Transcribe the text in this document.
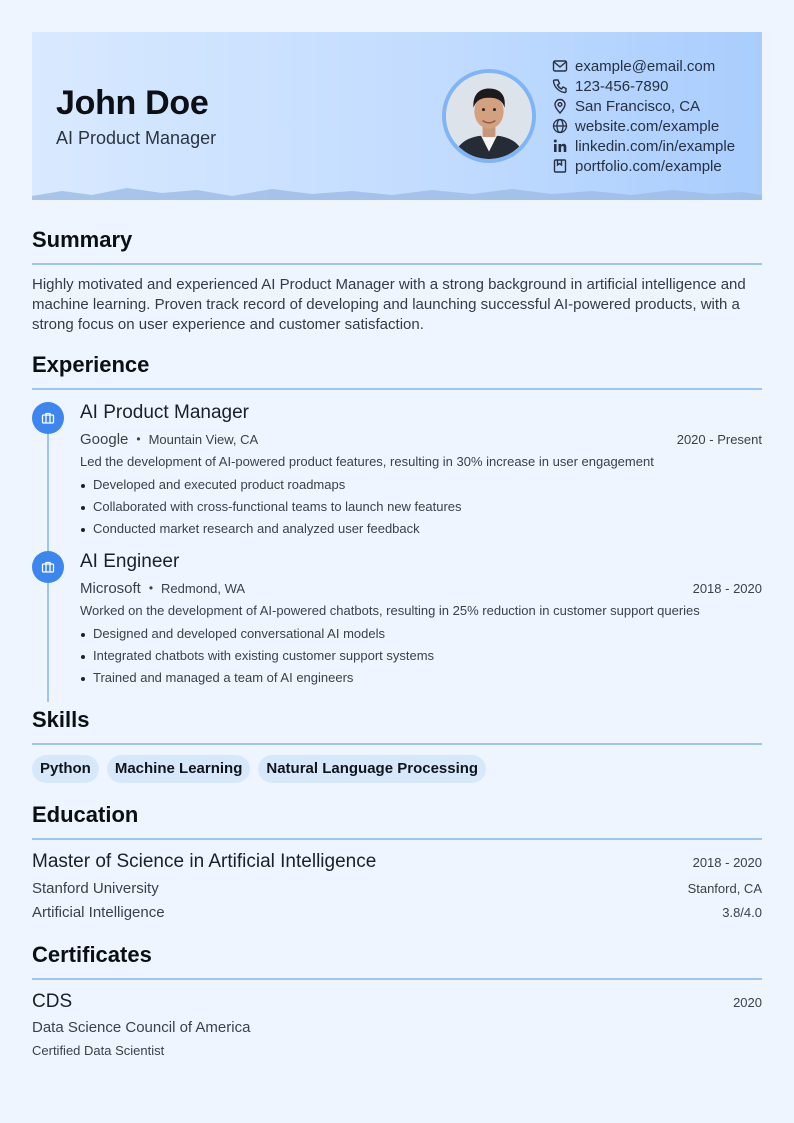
John Doe
AI Product Manager
example@email.com
123-456-7890
San Francisco, CA
website.com/example
linkedin.com/in/example
portfolio.com/example
Summary
Highly motivated and experienced AI Product Manager with a strong background in artificial intelligence and machine learning. Proven track record of developing and launching successful AI-powered products, with a strong focus on user experience and customer satisfaction.
Experience
AI Product Manager
Google • Mountain View, CA	2020 - Present
Led the development of AI-powered product features, resulting in 30% increase in user engagement
Developed and executed product roadmaps
Collaborated with cross-functional teams to launch new features
Conducted market research and analyzed user feedback
AI Engineer
Microsoft • Redmond, WA	2018 - 2020
Worked on the development of AI-powered chatbots, resulting in 25% reduction in customer support queries
Designed and developed conversational AI models
Integrated chatbots with existing customer support systems
Trained and managed a team of AI engineers
Skills
Python	Machine Learning	Natural Language Processing
Education
Master of Science in Artificial Intelligence	2018 - 2020
Stanford University	Stanford, CA
Artificial Intelligence	3.8/4.0
Certificates
CDS	2020
Data Science Council of America
Certified Data Scientist
